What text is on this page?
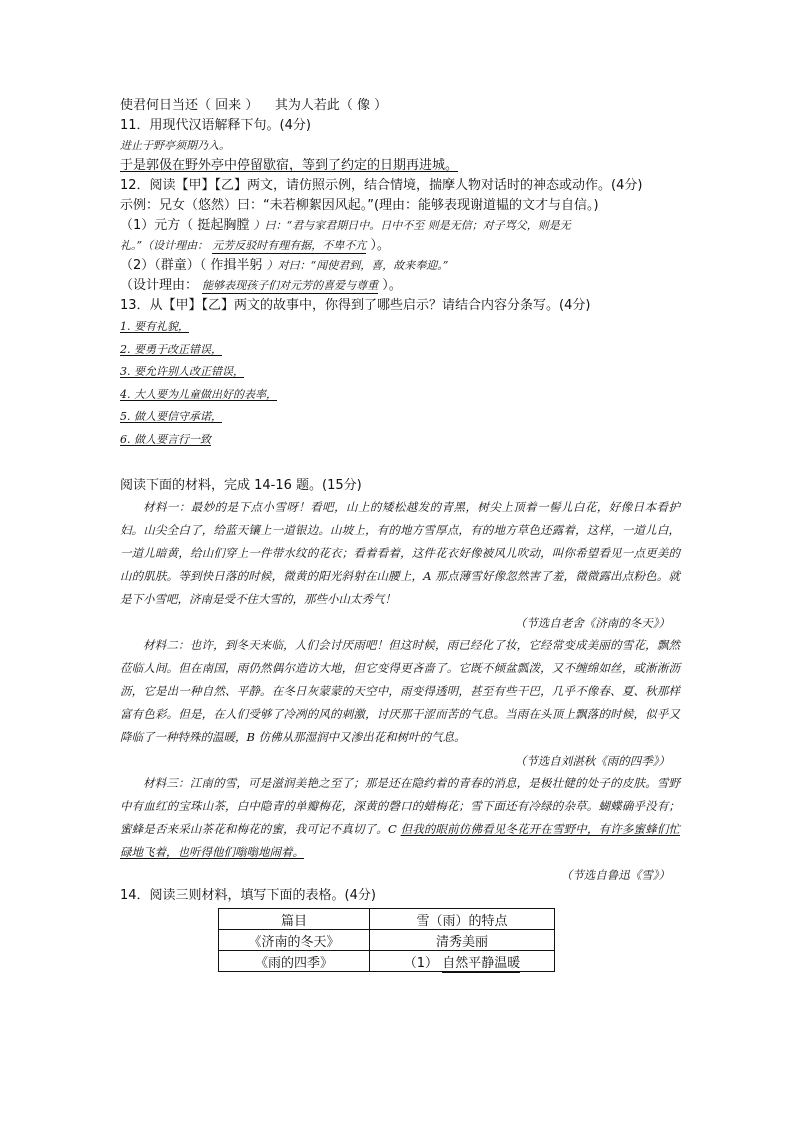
使君何日当还（ 回来 ）    其为人若此（ 像 ）
11．用现代汉语解释下句。(4分)
进止于野亭须期乃入。
于是郭伋在野外亭中停留歇宿，等到了约定的日期再进城。
12．阅读【甲】【乙】两文，请仿照示例，结合情境，揣摩人物对话时的神态或动作。(4分)
示例：兄女（悠然）曰：“未若柳絮因风起。”(理由：能够表现谢道韫的文才与自信。)
（1）元方（ 挺起胸膛 ）曰：“君与家君期日中。日中不至 则是无信；对子骂父，则是无
礼。”（设计理由： 元芳反驳时有理有据，不卑不亢 ）。
（2）（群童）（ 作揖半躬 ）对曰：“闻使君到，喜，故来奉迎。”
（设计理由： 能够表现孩子们对元芳的喜爱与尊重 ）。
13．从【甲】【乙】两文的故事中，你得到了哪些启示？请结合内容分条写。(4分)
1. 要有礼貌，
2. 要勇于改正错误，
3. 要允许别人改正错误，
4. 大人要为儿童做出好的表率，
5. 做人要信守承诺，
6. 做人要言行一致
阅读下面的材料，完成 14-16 题。(15分)

材料一：最妙的是下点小雪呀！看吧，山上的矮松越发的青黑，树尖上顶着一髻儿白花，好像日本看护妇。山尖全白了，给蓝天镶上一道银边。山坡上，有的地方雪厚点，有的地方草色还露着，这样，一道儿白，一道儿暗黄，给山们穿上一件带水纹的花衣；看着看着，这件花衣好像被风儿吹动，叫你希望看见一点更美的山的肌肤。等到快日落的时候，微黄的阳光斜射在山腰上，A 那点薄雪好像忽然害了羞，微微露出点粉色。就是下小雪吧，济南是受不住大雪的，那些小山太秀气！

（节选自老舍《济南的冬天》）

材料二：也许，到冬天来临，人们会讨厌雨吧！但这时候，雨已经化了妆，它经常变成美丽的雪花，飘然莅临人间。但在南国，雨仍然偶尔造访大地，但它变得更吝啬了。它既不倾盆瓢泼，又不缠绵如丝，或淅淅沥沥，它是出一种自然、平静。在冬日灰蒙蒙的天空中，雨变得透明，甚至有些干巴，几乎不像春、夏、秋那样富有色彩。但是，在人们受够了冷冽的风的刺激，讨厌那干涩而苦的气息。当雨在头顶上飘落的时候，似乎又降临了一种特殊的温暖，B 仿佛从那湿润中又渗出花和树叶的气息。

（节选自刘湛秋《雨的四季》）

材料三：江南的雪，可是滋润美艳之至了；那是还在隐约着的青春的消息，是极壮健的处子的皮肤。雪野中有血红的宝珠山茶，白中隐青的单瓣梅花，深黄的磬口的蜡梅花；雪下面还有冷绿的杂草。蝴蝶确乎没有；蜜蜂是否来采山茶花和梅花的蜜，我可记不真切了。C 但我的眼前仿佛看见冬花开在雪野中，有许多蜜蜂们忙碌地飞着，也听得他们嗡嗡地闹着。

（节选自鲁迅《雪》）
14．阅读三则材料，填写下面的表格。(4分)
篇目	雪（雨）的特点
《济南的冬天》	清秀美丽
《雨的四季》	（1） 自然平静温暖
